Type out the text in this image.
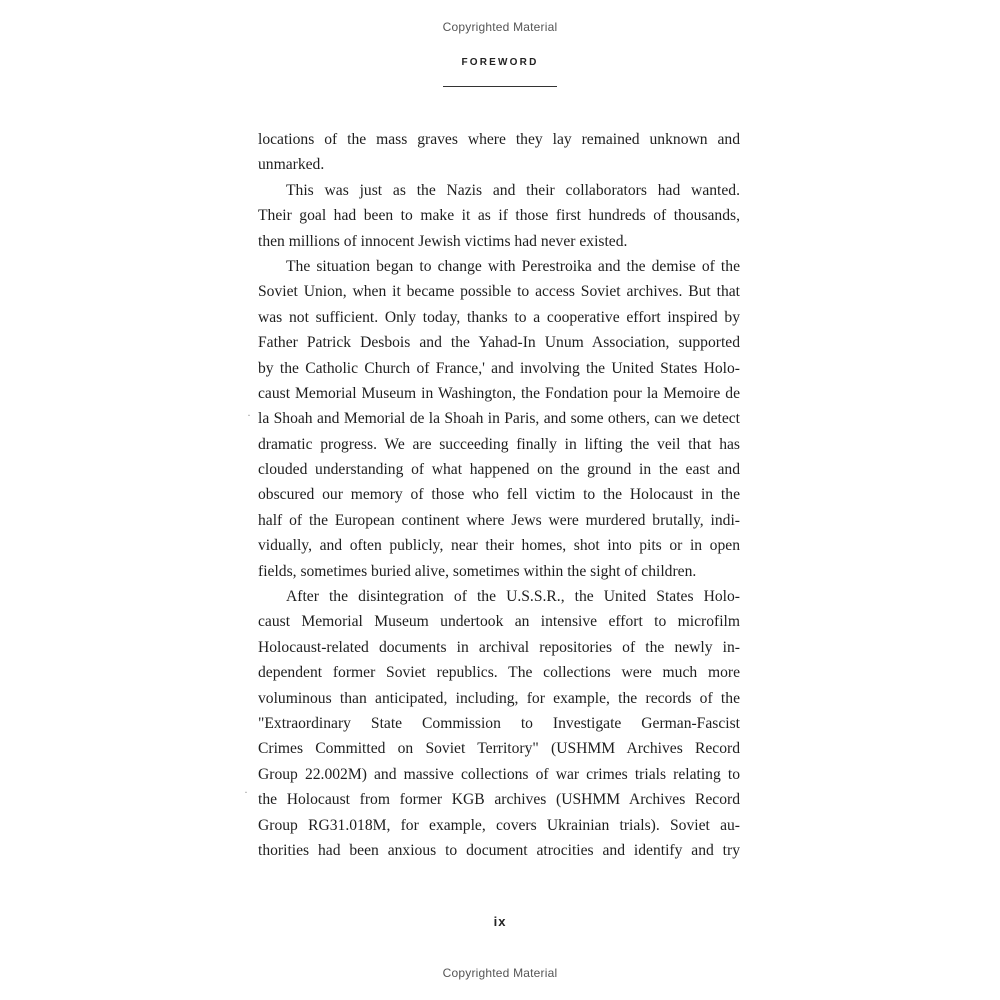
Copyrighted Material
FOREWORD
locations of the mass graves where they lay remained unknown and
unmarked.
This was just as the Nazis and their collaborators had wanted.
Their goal had been to make it as if those first hundreds of thousands,
then millions of innocent Jewish victims had never existed.
The situation began to change with Perestroika and the demise of the
Soviet Union, when it became possible to access Soviet archives. But that
was not sufficient. Only today, thanks to a cooperative effort inspired by
Father Patrick Desbois and the Yahad-In Unum Association, supported
by the Catholic Church of France,' and involving the United States Holo-
caust Memorial Museum in Washington, the Fondation pour la Memoire de
la Shoah and Memorial de la Shoah in Paris, and some others, can we detect
dramatic progress. We are succeeding finally in lifting the veil that has
clouded understanding of what happened on the ground in the east and
obscured our memory of those who fell victim to the Holocaust in the
half of the European continent where Jews were murdered brutally, indi-
vidually, and often publicly, near their homes, shot into pits or in open
fields, sometimes buried alive, sometimes within the sight of children.
After the disintegration of the U.S.S.R., the United States Holo-
caust Memorial Museum undertook an intensive effort to microfilm
Holocaust-related documents in archival repositories of the newly in-
dependent former Soviet republics. The collections were much more
voluminous than anticipated, including, for example, the records of the
"Extraordinary State Commission to Investigate German-Fascist
Crimes Committed on Soviet Territory" (USHMM Archives Record
Group 22.002M) and massive collections of war crimes trials relating to
the Holocaust from former KGB archives (USHMM Archives Record
Group RG31.018M, for example, covers Ukrainian trials). Soviet au-
thorities had been anxious to document atrocities and identify and try
·
·
ix
Copyrighted Material
